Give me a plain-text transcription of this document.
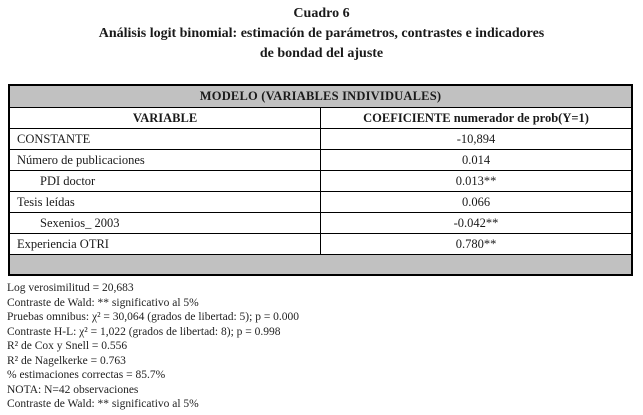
Cuadro 6
Análisis logit binomial: estimación de parámetros, contrastes e indicadores
de bondad del ajuste
MODELO (VARIABLES INDIVIDUALES)
VARIABLE	COEFICIENTE numerador de prob(Y=1)
CONSTANTE	-10,894
Número de publicaciones	0.014
PDI doctor	0.013**
Tesis leídas	0.066
Sexenios_ 2003	-0.042**
Experiencia OTRI	0.780**
Log verosimilitud = 20,683
Contraste de Wald: ** significativo al 5%
Pruebas omnibus: χ² = 30,064 (grados de libertad: 5); p = 0.000
Contraste H-L: χ² = 1,022 (grados de libertad: 8); p = 0.998
R² de Cox y Snell = 0.556
R² de Nagelkerke = 0.763
% estimaciones correctas = 85.7%
NOTA: N=42 observaciones
Contraste de Wald: ** significativo al 5%
